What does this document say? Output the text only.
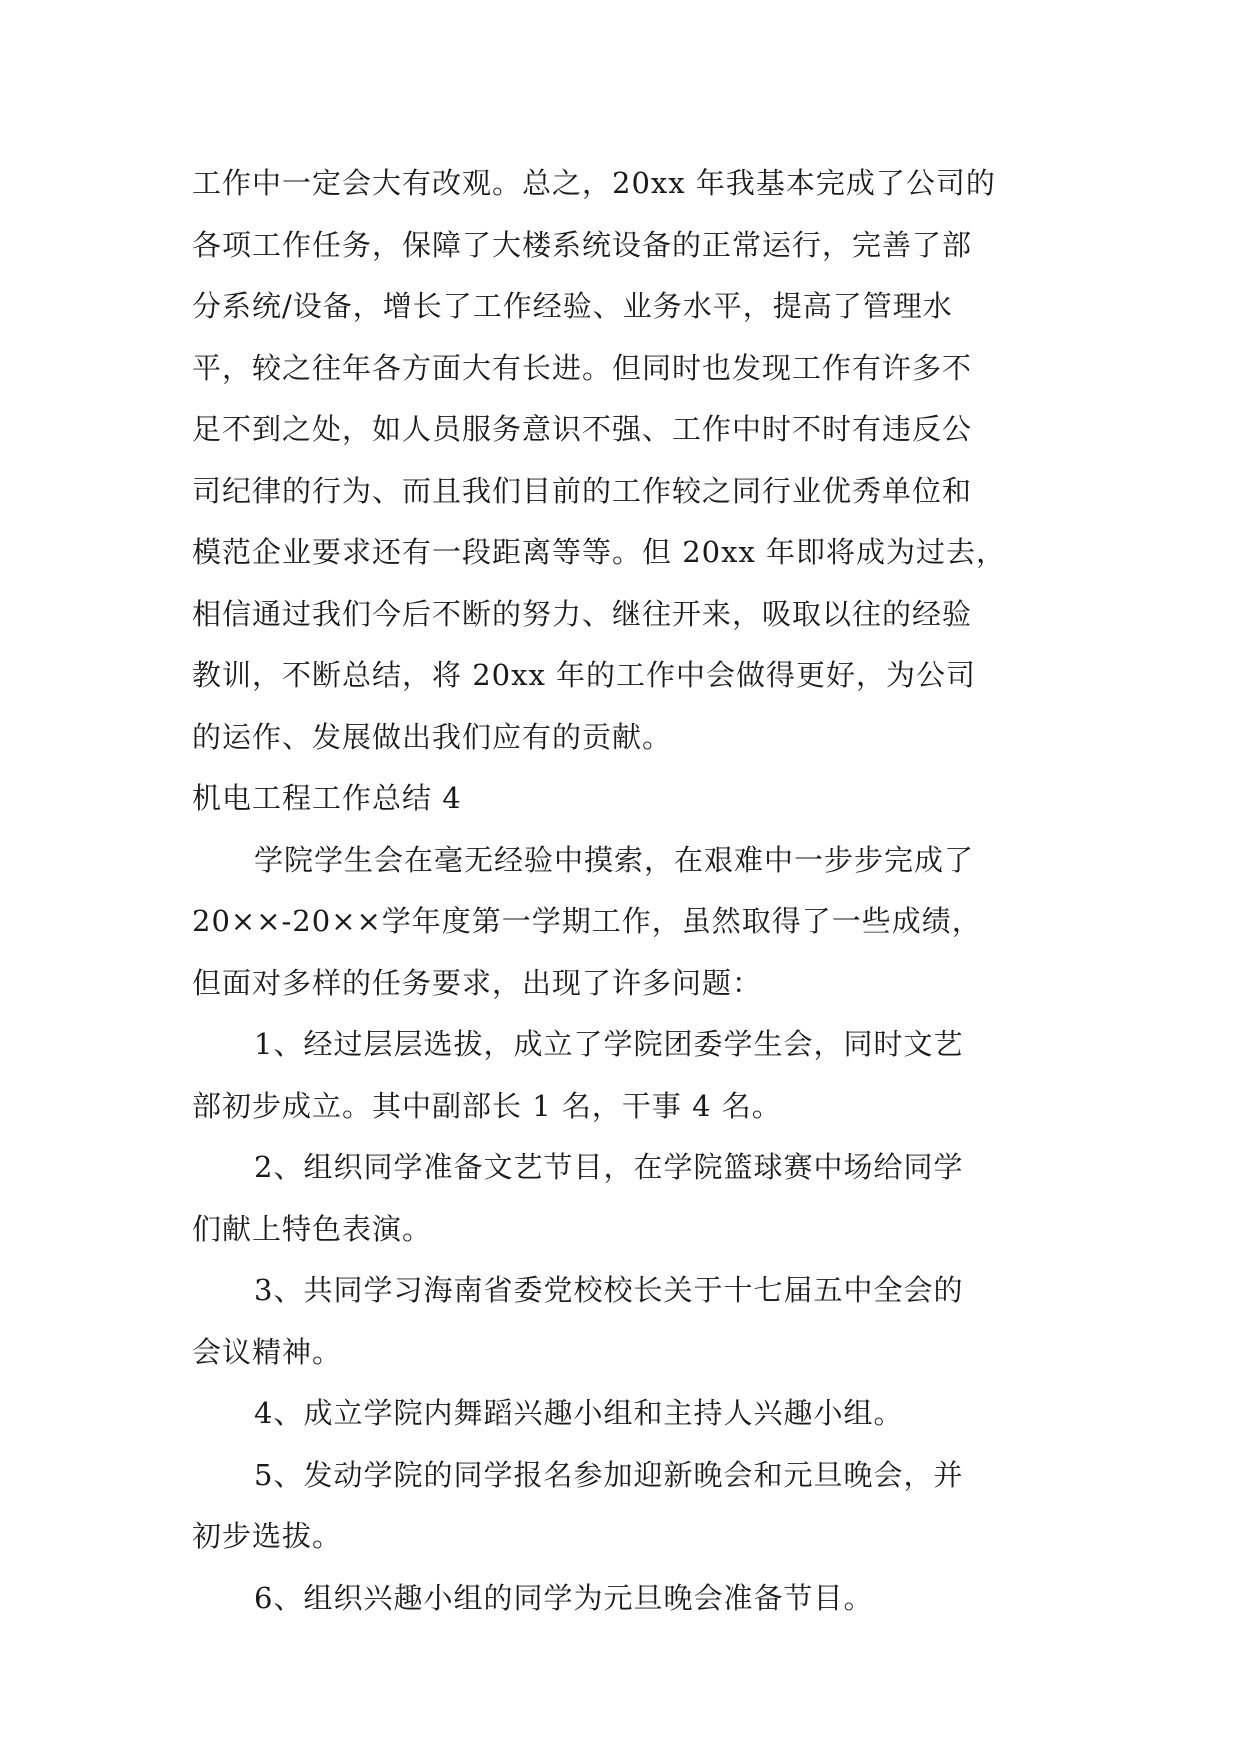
工作中一定会大有改观。总之，20xx 年我基本完成了公司的
各项工作任务，保障了大楼系统设备的正常运行，完善了部
分系统/设备，增长了工作经验、业务水平，提高了管理水
平，较之往年各方面大有长进。但同时也发现工作有许多不
足不到之处，如人员服务意识不强、工作中时不时有违反公
司纪律的行为、而且我们目前的工作较之同行业优秀单位和
模范企业要求还有一段距离等等。但 20xx 年即将成为过去，
相信通过我们今后不断的努力、继往开来，吸取以往的经验
教训，不断总结，将 20xx 年的工作中会做得更好，为公司
的运作、发展做出我们应有的贡献。
机电工程工作总结 4
学院学生会在毫无经验中摸索，在艰难中一步步完成了
20××-20××学年度第一学期工作，虽然取得了一些成绩，
但面对多样的任务要求，出现了许多问题：
1、经过层层选拔，成立了学院团委学生会，同时文艺
部初步成立。其中副部长 1 名，干事 4 名。
2、组织同学准备文艺节目，在学院篮球赛中场给同学
们献上特色表演。
3、共同学习海南省委党校校长关于十七届五中全会的
会议精神。
4、成立学院内舞蹈兴趣小组和主持人兴趣小组。
5、发动学院的同学报名参加迎新晚会和元旦晚会，并
初步选拔。
6、组织兴趣小组的同学为元旦晚会准备节目。
